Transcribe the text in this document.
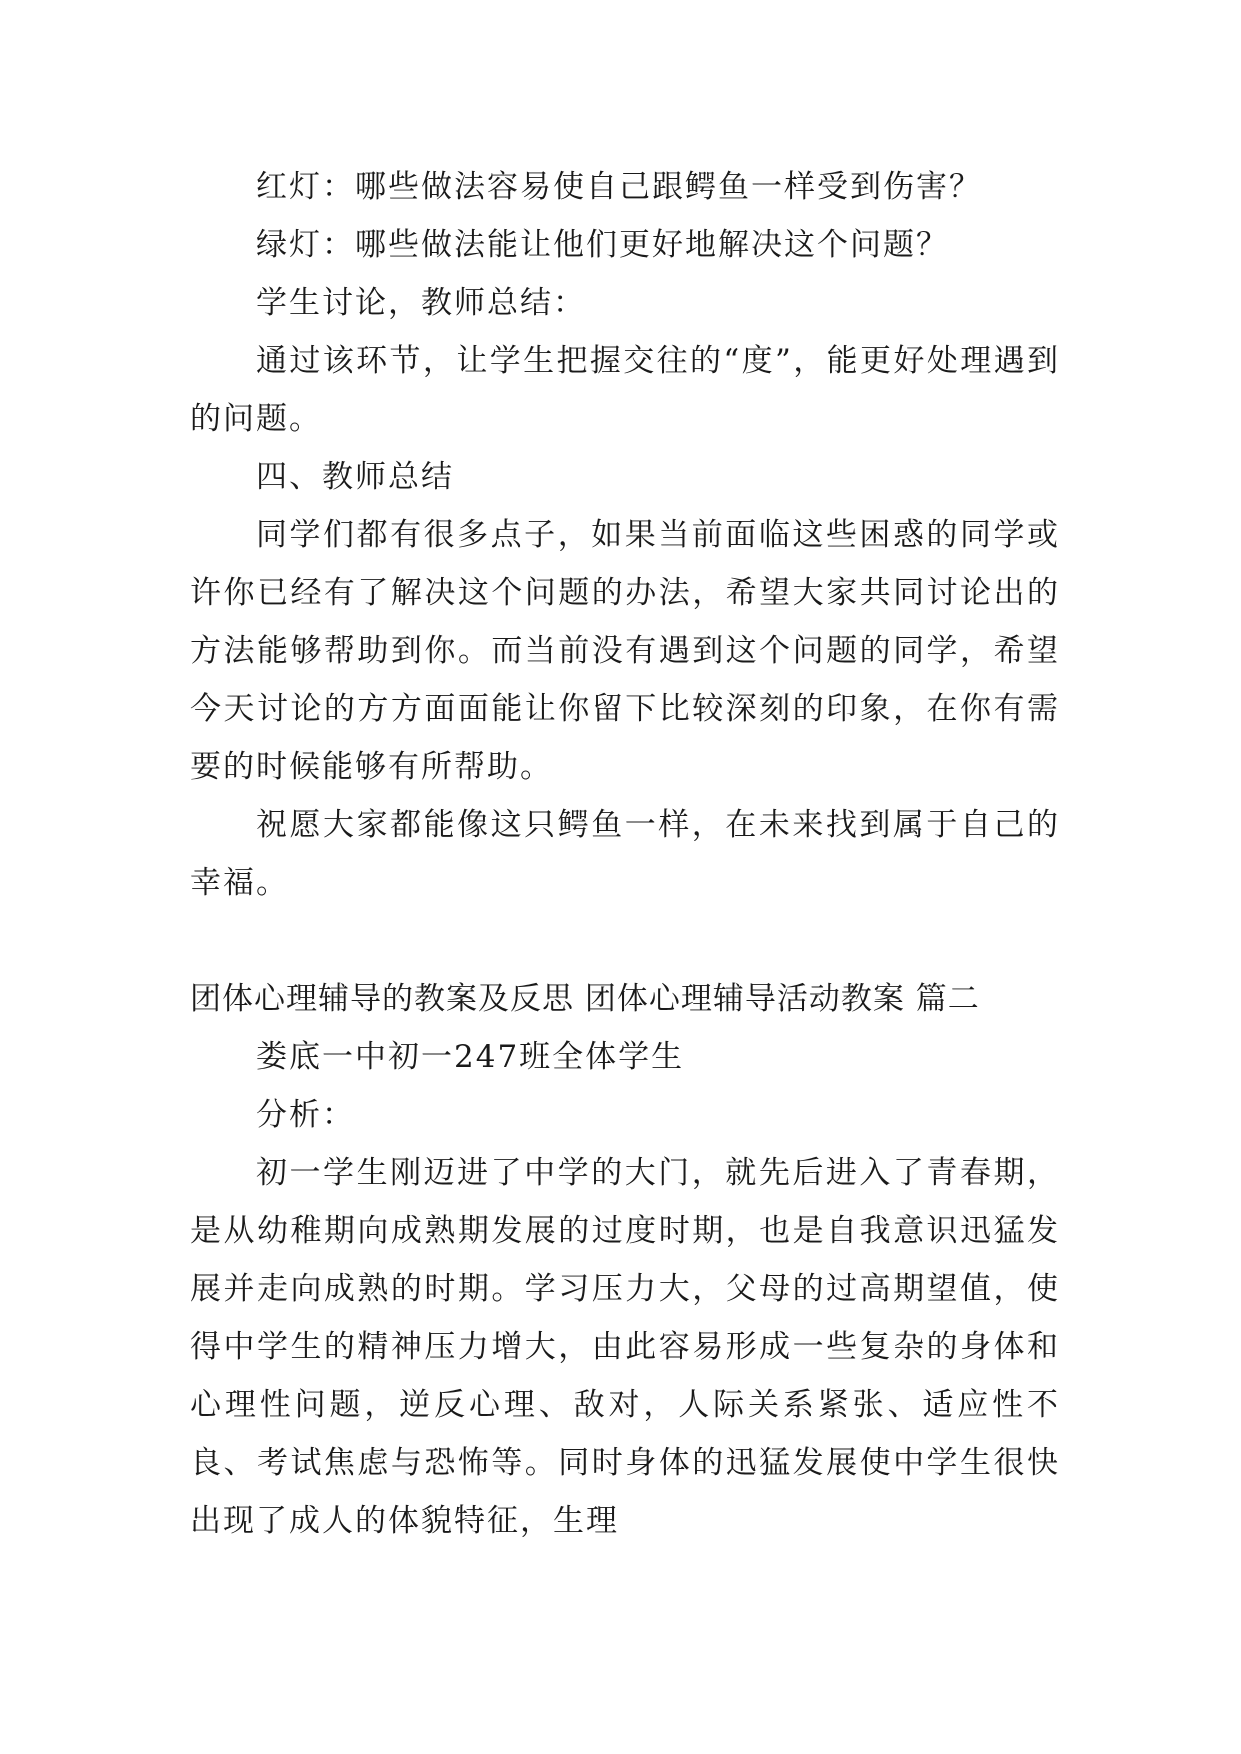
红灯：哪些做法容易使自己跟鳄鱼一样受到伤害？

绿灯：哪些做法能让他们更好地解决这个问题？

学生讨论，教师总结：

通过该环节，让学生把握交往的“度”，能更好处理遇到的问题。

四、教师总结

同学们都有很多点子，如果当前面临这些困惑的同学或许你已经有了解决这个问题的办法，希望大家共同讨论出的方法能够帮助到你。而当前没有遇到这个问题的同学，希望今天讨论的方方面面能让你留下比较深刻的印象，在你有需要的时候能够有所帮助。

祝愿大家都能像这只鳄鱼一样，在未来找到属于自己的幸福。

团体心理辅导的教案及反思 团体心理辅导活动教案 篇二

娄底一中初一247班全体学生

分析：

初一学生刚迈进了中学的大门，就先后进入了青春期，是从幼稚期向成熟期发展的过度时期，也是自我意识迅猛发展并走向成熟的时期。学习压力大，父母的过高期望值，使得中学生的精神压力增大，由此容易形成一些复杂的身体和心理性问题，逆反心理、敌对，人际关系紧张、适应性不良、考试焦虑与恐怖等。同时身体的迅猛发展使中学生很快出现了成人的体貌特征，生理
